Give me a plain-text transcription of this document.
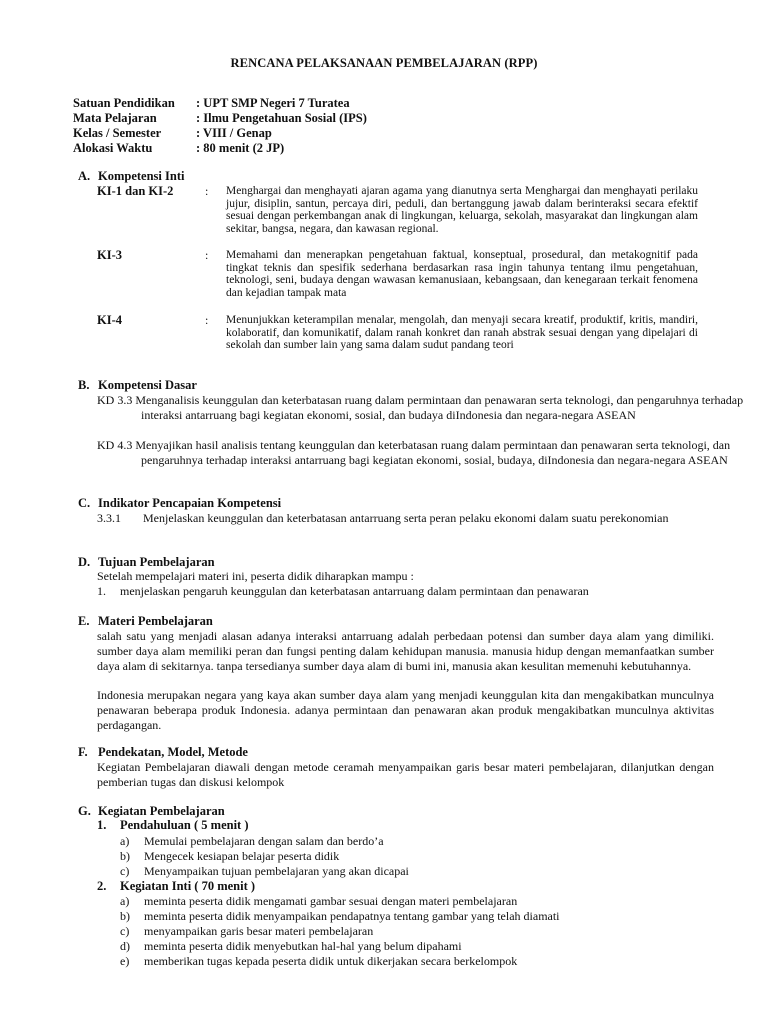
RENCANA PELAKSANAAN PEMBELAJARAN (RPP)
Satuan Pendidikan	: UPT SMP Negeri 7 Turatea
Mata Pelajaran	: Ilmu Pengetahuan Sosial (IPS)
Kelas / Semester	: VIII / Genap
Alokasi Waktu	: 80 menit (2 JP)
A. Kompetensi Inti
KI-1 dan KI-2	: Menghargai dan menghayati ajaran agama yang dianutnya serta Menghargai dan menghayati perilaku jujur, disiplin, santun, percaya diri, peduli, dan bertanggung jawab dalam berinteraksi secara efektif sesuai dengan perkembangan anak di lingkungan, keluarga, sekolah, masyarakat dan lingkungan alam sekitar, bangsa, negara, dan kawasan regional.
KI-3	: Memahami dan menerapkan pengetahuan faktual, konseptual, prosedural, dan metakognitif pada tingkat teknis dan spesifik sederhana berdasarkan rasa ingin tahunya tentang ilmu pengetahuan, teknologi, seni, budaya dengan wawasan kemanusiaan, kebangsaan, dan kenegaraan terkait fenomena dan kejadian tampak mata
KI-4	: Menunjukkan keterampilan menalar, mengolah, dan menyaji secara kreatif, produktif, kritis, mandiri, kolaboratif, dan komunikatif, dalam ranah konkret dan ranah abstrak sesuai dengan yang dipelajari di sekolah dan sumber lain yang sama dalam sudut pandang teori
B. Kompetensi Dasar
KD 3.3 Menganalisis keunggulan dan keterbatasan ruang dalam permintaan dan penawaran serta teknologi, dan pengaruhnya terhadap interaksi antarruang bagi kegiatan ekonomi, sosial, dan budaya diIndonesia dan negara-negara ASEAN
KD 4.3 Menyajikan hasil analisis tentang keunggulan dan keterbatasan ruang dalam permintaan dan penawaran serta teknologi, dan pengaruhnya terhadap interaksi antarruang bagi kegiatan ekonomi, sosial, budaya, diIndonesia dan negara-negara ASEAN
C. Indikator Pencapaian Kompetensi
3.3.1 Menjelaskan keunggulan dan keterbatasan antarruang serta peran pelaku ekonomi dalam suatu perekonomian
D. Tujuan Pembelajaran
Setelah mempelajari materi ini, peserta didik diharapkan mampu :
1. menjelaskan pengaruh keunggulan dan keterbatasan antarruang dalam permintaan dan penawaran
E. Materi Pembelajaran
salah satu yang menjadi alasan adanya interaksi antarruang adalah perbedaan potensi dan sumber daya alam yang dimiliki. sumber daya alam memiliki peran dan fungsi penting dalam kehidupan manusia. manusia hidup dengan memanfaatkan sumber daya alam di sekitarnya. tanpa tersedianya sumber daya alam di bumi ini, manusia akan kesulitan memenuhi kebutuhannya.
Indonesia merupakan negara yang kaya akan sumber daya alam yang menjadi keunggulan kita dan mengakibatkan munculnya penawaran beberapa produk Indonesia. adanya permintaan dan penawaran akan produk mengakibatkan munculnya aktivitas perdagangan.
F. Pendekatan, Model, Metode
Kegiatan Pembelajaran diawali dengan metode ceramah menyampaikan garis besar materi pembelajaran, dilanjutkan dengan pemberian tugas dan diskusi kelompok
G. Kegiatan Pembelajaran
1. Pendahuluan ( 5 menit )
a) Memulai pembelajaran dengan salam dan berdo’a
b) Mengecek kesiapan belajar peserta didik
c) Menyampaikan tujuan pembelajaran yang akan dicapai
2. Kegiatan Inti ( 70 menit )
a) meminta peserta didik mengamati gambar sesuai dengan materi pembelajaran
b) meminta peserta didik menyampaikan pendapatnya tentang gambar yang telah diamati
c) menyampaikan garis besar materi pembelajaran
d) meminta peserta didik menyebutkan hal-hal yang belum dipahami
e) memberikan tugas kepada peserta didik untuk dikerjakan secara berkelompok
